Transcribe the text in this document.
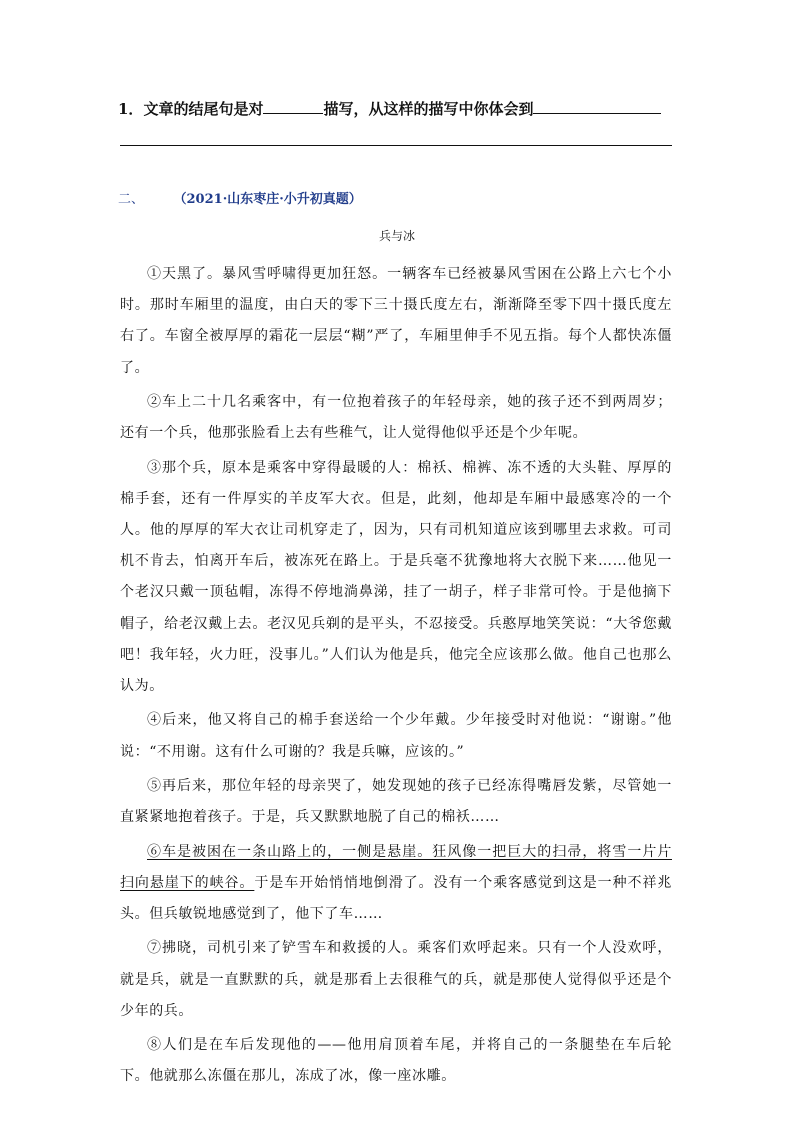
1．文章的结尾句是对	描写，从这样的描写中你体会到
二、	（2021·山东枣庄·小升初真题）
兵与冰

①天黑了。暴风雪呼啸得更加狂怒。一辆客车已经被暴风雪困在公路上六七个小时。那时车厢里的温度，由白天的零下三十摄氏度左右，渐渐降至零下四十摄氏度左右了。车窗全被厚厚的霜花一层层“糊”严了，车厢里伸手不见五指。每个人都快冻僵了。

②车上二十几名乘客中，有一位抱着孩子的年轻母亲，她的孩子还不到两周岁；还有一个兵，他那张脸看上去有些稚气，让人觉得他似乎还是个少年呢。

③那个兵，原本是乘客中穿得最暖的人：棉袄、棉裤、冻不透的大头鞋、厚厚的棉手套，还有一件厚实的羊皮军大衣。但是，此刻，他却是车厢中最感寒冷的一个人。他的厚厚的军大衣让司机穿走了，因为，只有司机知道应该到哪里去求救。可司机不肯去，怕离开车后，被冻死在路上。于是兵毫不犹豫地将大衣脱下来……他见一个老汉只戴一顶毡帽，冻得不停地淌鼻涕，挂了一胡子，样子非常可怜。于是他摘下帽子，给老汉戴上去。老汉见兵剃的是平头，不忍接受。兵憨厚地笑笑说：“大爷您戴吧！我年轻，火力旺，没事儿。”人们认为他是兵，他完全应该那么做。他自己也那么认为。

④后来，他又将自己的棉手套送给一个少年戴。少年接受时对他说：“谢谢。”他说：“不用谢。这有什么可谢的？我是兵嘛，应该的。”

⑤再后来，那位年轻的母亲哭了，她发现她的孩子已经冻得嘴唇发紫，尽管她一直紧紧地抱着孩子。于是，兵又默默地脱了自己的棉袄……

⑥车是被困在一条山路上的，一侧是悬崖。狂风像一把巨大的扫帚，将雪一片片扫向悬崖下的峡谷。于是车开始悄悄地倒滑了。没有一个乘客感觉到这是一种不祥兆头。但兵敏锐地感觉到了，他下了车……

⑦拂晓，司机引来了铲雪车和救援的人。乘客们欢呼起来。只有一个人没欢呼，就是兵，就是一直默默的兵，就是那看上去很稚气的兵，就是那使人觉得似乎还是个少年的兵。

⑧人们是在车后发现他的——他用肩顶着车尾，并将自己的一条腿垫在车后轮下。他就那么冻僵在那儿，冻成了冰，像一座冰雕。
